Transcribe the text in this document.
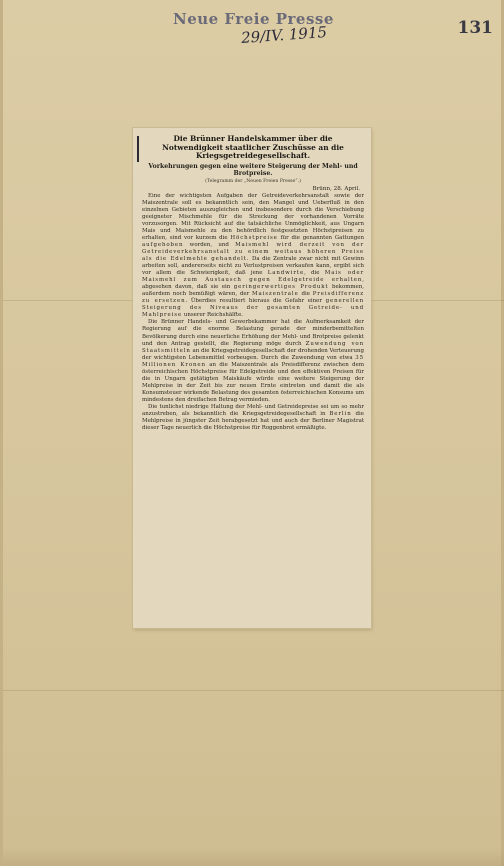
Neue Freie Presse
29/IV. 1915	131
Die Brünner Handelskammer über die Notwendigkeit staatlicher Zuschüsse an die Kriegsgetreidegesellschaft.
Vorkehrungen gegen eine weitere Steigerung der Mehl- und Brotpreise.
(Telegramm der „Neuen Freien Presse“.)
Brünn, 28. April.

Eine der wichtigsten Aufgaben der Getreideverkehrsanstalt sowie der Maiszentrale soll es bekanntlich sein, den Mangel und Ueberfluß in den einzelnen Gebieten auszugleichen und insbesondere durch die Verschiebung geeigneter Mischmehle für die Streckung der vorhandenen Vorräte vorzusorgen. Mit Rücksicht auf die tatsächliche Unmöglichkeit, aus Ungarn Mais und Maismehle zu den behördlich festgesetzten Höchstpreisen zu erhalten, sind vor kurzem die Höchstpreise für die genannten Gattungen aufgehoben worden, und Maismehl wird derzeit von der Getreideverkehrsanstalt zu einem weitaus höheren Preise als die Edelmehle gehandelt. Da die Zentrale zwar nicht mit Gewinn arbeiten soll, andererseits nicht zu Verlustpreisen verkaufen kann, ergibt sich vor allem die Schwierigkeit, daß jene Landwirte, die Mais oder Maismehl zum Austausch gegen Edelgetreide erhalten, abgesehen davon, daß sie ein geringerwertiges Produkt bekommen, außerdem noch bemüßigt wären, der Maiszentrale die Preisdifferenz zu ersetzen. Überdies resultiert hieraus die Gefahr einer generellen Steigerung des Niveaus der gesamten Getreide- und Mahlpreise unserer Reichshälfte.

Die Brünner Handels- und Gewerbekammer hat die Aufmerksamkeit der Regierung auf die enorme Belastung gerade der minderbemittelten Bevölkerung durch eine neuerliche Erhöhung der Mehl- und Brotpreise gelenkt und den Antrag gestellt, die Regierung möge durch Zuwendung von Staatsmitteln an die Kriegsgetreidegesellschaft der drohenden Verteuerung der wichtigsten Lebensmittel vorbeugen. Durch die Zuwendung von etwa 35 Millionen Kronen an die Maiszentrale als Preisdifferenz zwischen dem österreichischen Höchstpreise für Edelgetreide und den effektiven Preisen für die in Ungarn getätigten Maiskäufe würde eine weitere Steigerung der Mehlpreise in der Zeit bis zur neuen Ernte eintreten und damit die als Konsumsteuer wirkende Belastung des gesamten österreichischen Konsums um mindestens den dreifachen Betrag vermieden.

Die tunlichst niedrige Haltung der Mehl- und Getreidepreise sei um so mehr anzustreben, als bekanntlich die Kriegsgetreidegesellschaft in Berlin die Mehlpreise in jüngster Zeit herabgesetzt hat und auch der Berliner Magistrat dieser Tage neuerlich die Höchstpreise für Roggenbrot ermäßigte.
